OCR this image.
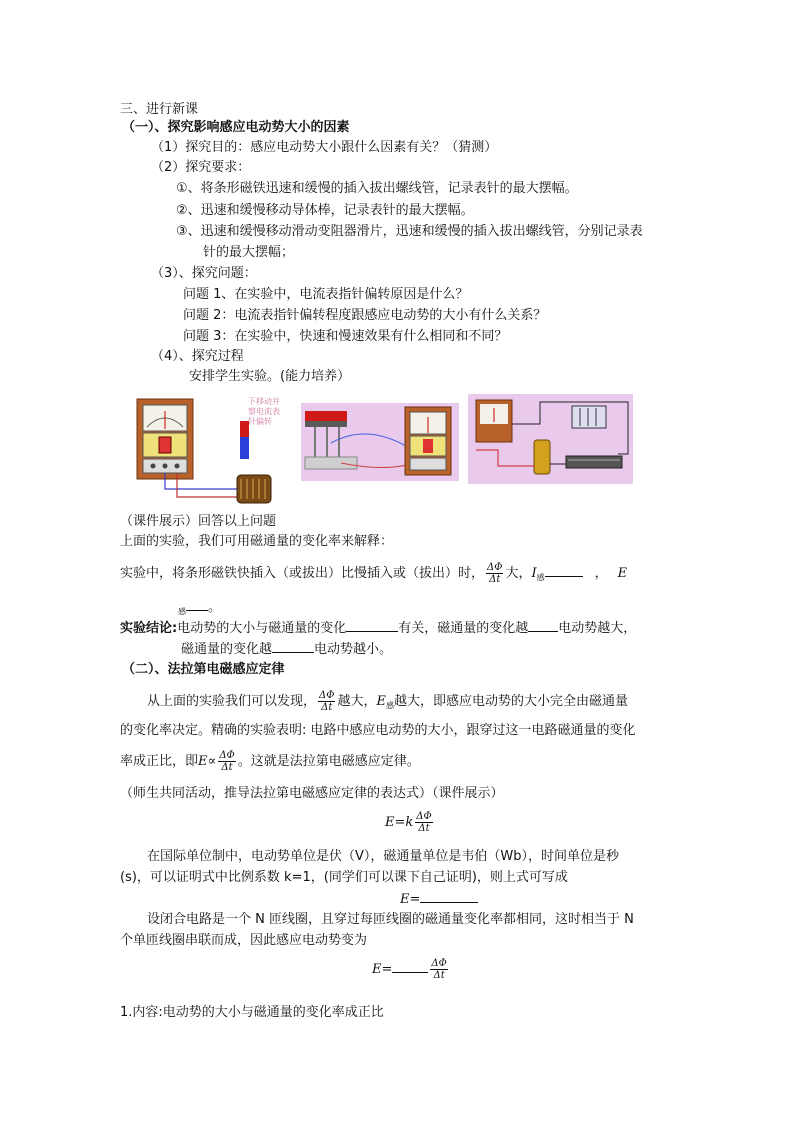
三、进行新课
（一）、探究影响感应电动势大小的因素
（1）探究目的：感应电动势大小跟什么因素有关？（猜测）
（2）探究要求：
①、将条形磁铁迅速和缓慢的插入拔出螺线管，记录表针的最大摆幅。
②、迅速和缓慢移动导体棒，记录表针的最大摆幅。
③、迅速和缓慢移动滑动变阻器滑片，迅速和缓慢的插入拔出螺线管，分别记录表
针的最大摆幅；
（3）、探究问题：
问题 1、在实验中，电流表指针偏转原因是什么？
问题 2：电流表指针偏转程度跟感应电动势的大小有什么关系？
问题 3：在实验中，快速和慢速效果有什么相同和不同？
（4）、探究过程
安排学生实验。(能力培养）
下移动并 察电流表 针偏转
（课件展示）回答以上问题
上面的实验，我们可用磁通量的变化率来解释：
实验中，将条形磁铁快插入（或拔出）比慢插入或（拔出）时， $\frac{\Delta\Phi}{\Delta t}$ 大，$I_感$	， E
$_感$ 。
实验结论:电动势的大小与磁通量的变化	有关，磁通量的变化越 电动势越大，
磁通量的变化越	电动势越小。
（二）、法拉第电磁感应定律
从上面的实验我们可以发现， $\frac{\Delta\Phi}{\Delta t}$ 越大，$E_感$越大，即感应电动势的大小完全由磁通量
的变化率决定。精确的实验表明: 电路中感应电动势的大小，跟穿过这一电路磁通量的变化
率成正比，即$E\propto \frac{\Delta\Phi}{\Delta t}$ 。这就是法拉第电磁感应定律。
（师生共同活动，推导法拉第电磁感应定律的表达式）（课件展示）
$E=k \frac{\Delta\Phi}{\Delta t}$
在国际单位制中，电动势单位是伏（V），磁通量单位是韦伯（Wb），时间单位是秒
(s)，可以证明式中比例系数 k=1，(同学们可以课下自己证明)，则上式可写成
E=
设闭合电路是一个 N 匝线圈，且穿过每匝线圈的磁通量变化率都相同，这时相当于 N
个单匝线圈串联而成，因此感应电动势变为
E=	$\frac{\Delta\Phi}{\Delta t}$
1.内容:电动势的大小与磁通量的变化率成正比
